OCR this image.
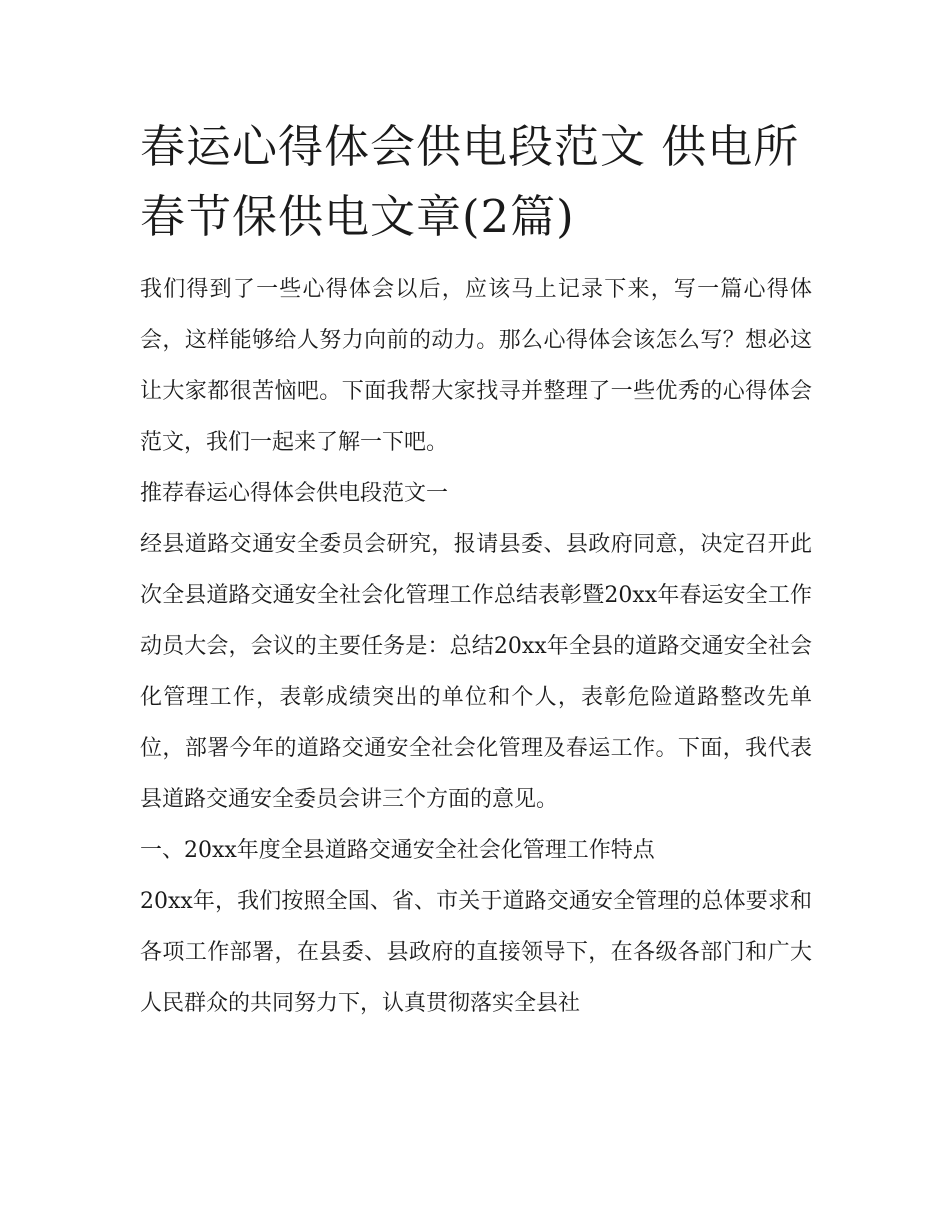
春运心得体会供电段范文 供电所春节保供电文章(2篇)

我们得到了一些心得体会以后，应该马上记录下来，写一篇心得体会，这样能够给人努力向前的动力。那么心得体会该怎么写？想必这让大家都很苦恼吧。下面我帮大家找寻并整理了一些优秀的心得体会范文，我们一起来了解一下吧。

推荐春运心得体会供电段范文一

经县道路交通安全委员会研究，报请县委、县政府同意，决定召开此次全县道路交通安全社会化管理工作总结表彰暨20xx年春运安全工作动员大会，会议的主要任务是：总结20xx年全县的道路交通安全社会化管理工作，表彰成绩突出的单位和个人，表彰危险道路整改先单位，部署今年的道路交通安全社会化管理及春运工作。下面，我代表县道路交通安全委员会讲三个方面的意见。

一、20xx年度全县道路交通安全社会化管理工作特点

20xx年，我们按照全国、省、市关于道路交通安全管理的总体要求和各项工作部署，在县委、县政府的直接领导下，在各级各部门和广大人民群众的共同努力下，认真贯彻落实全县社
